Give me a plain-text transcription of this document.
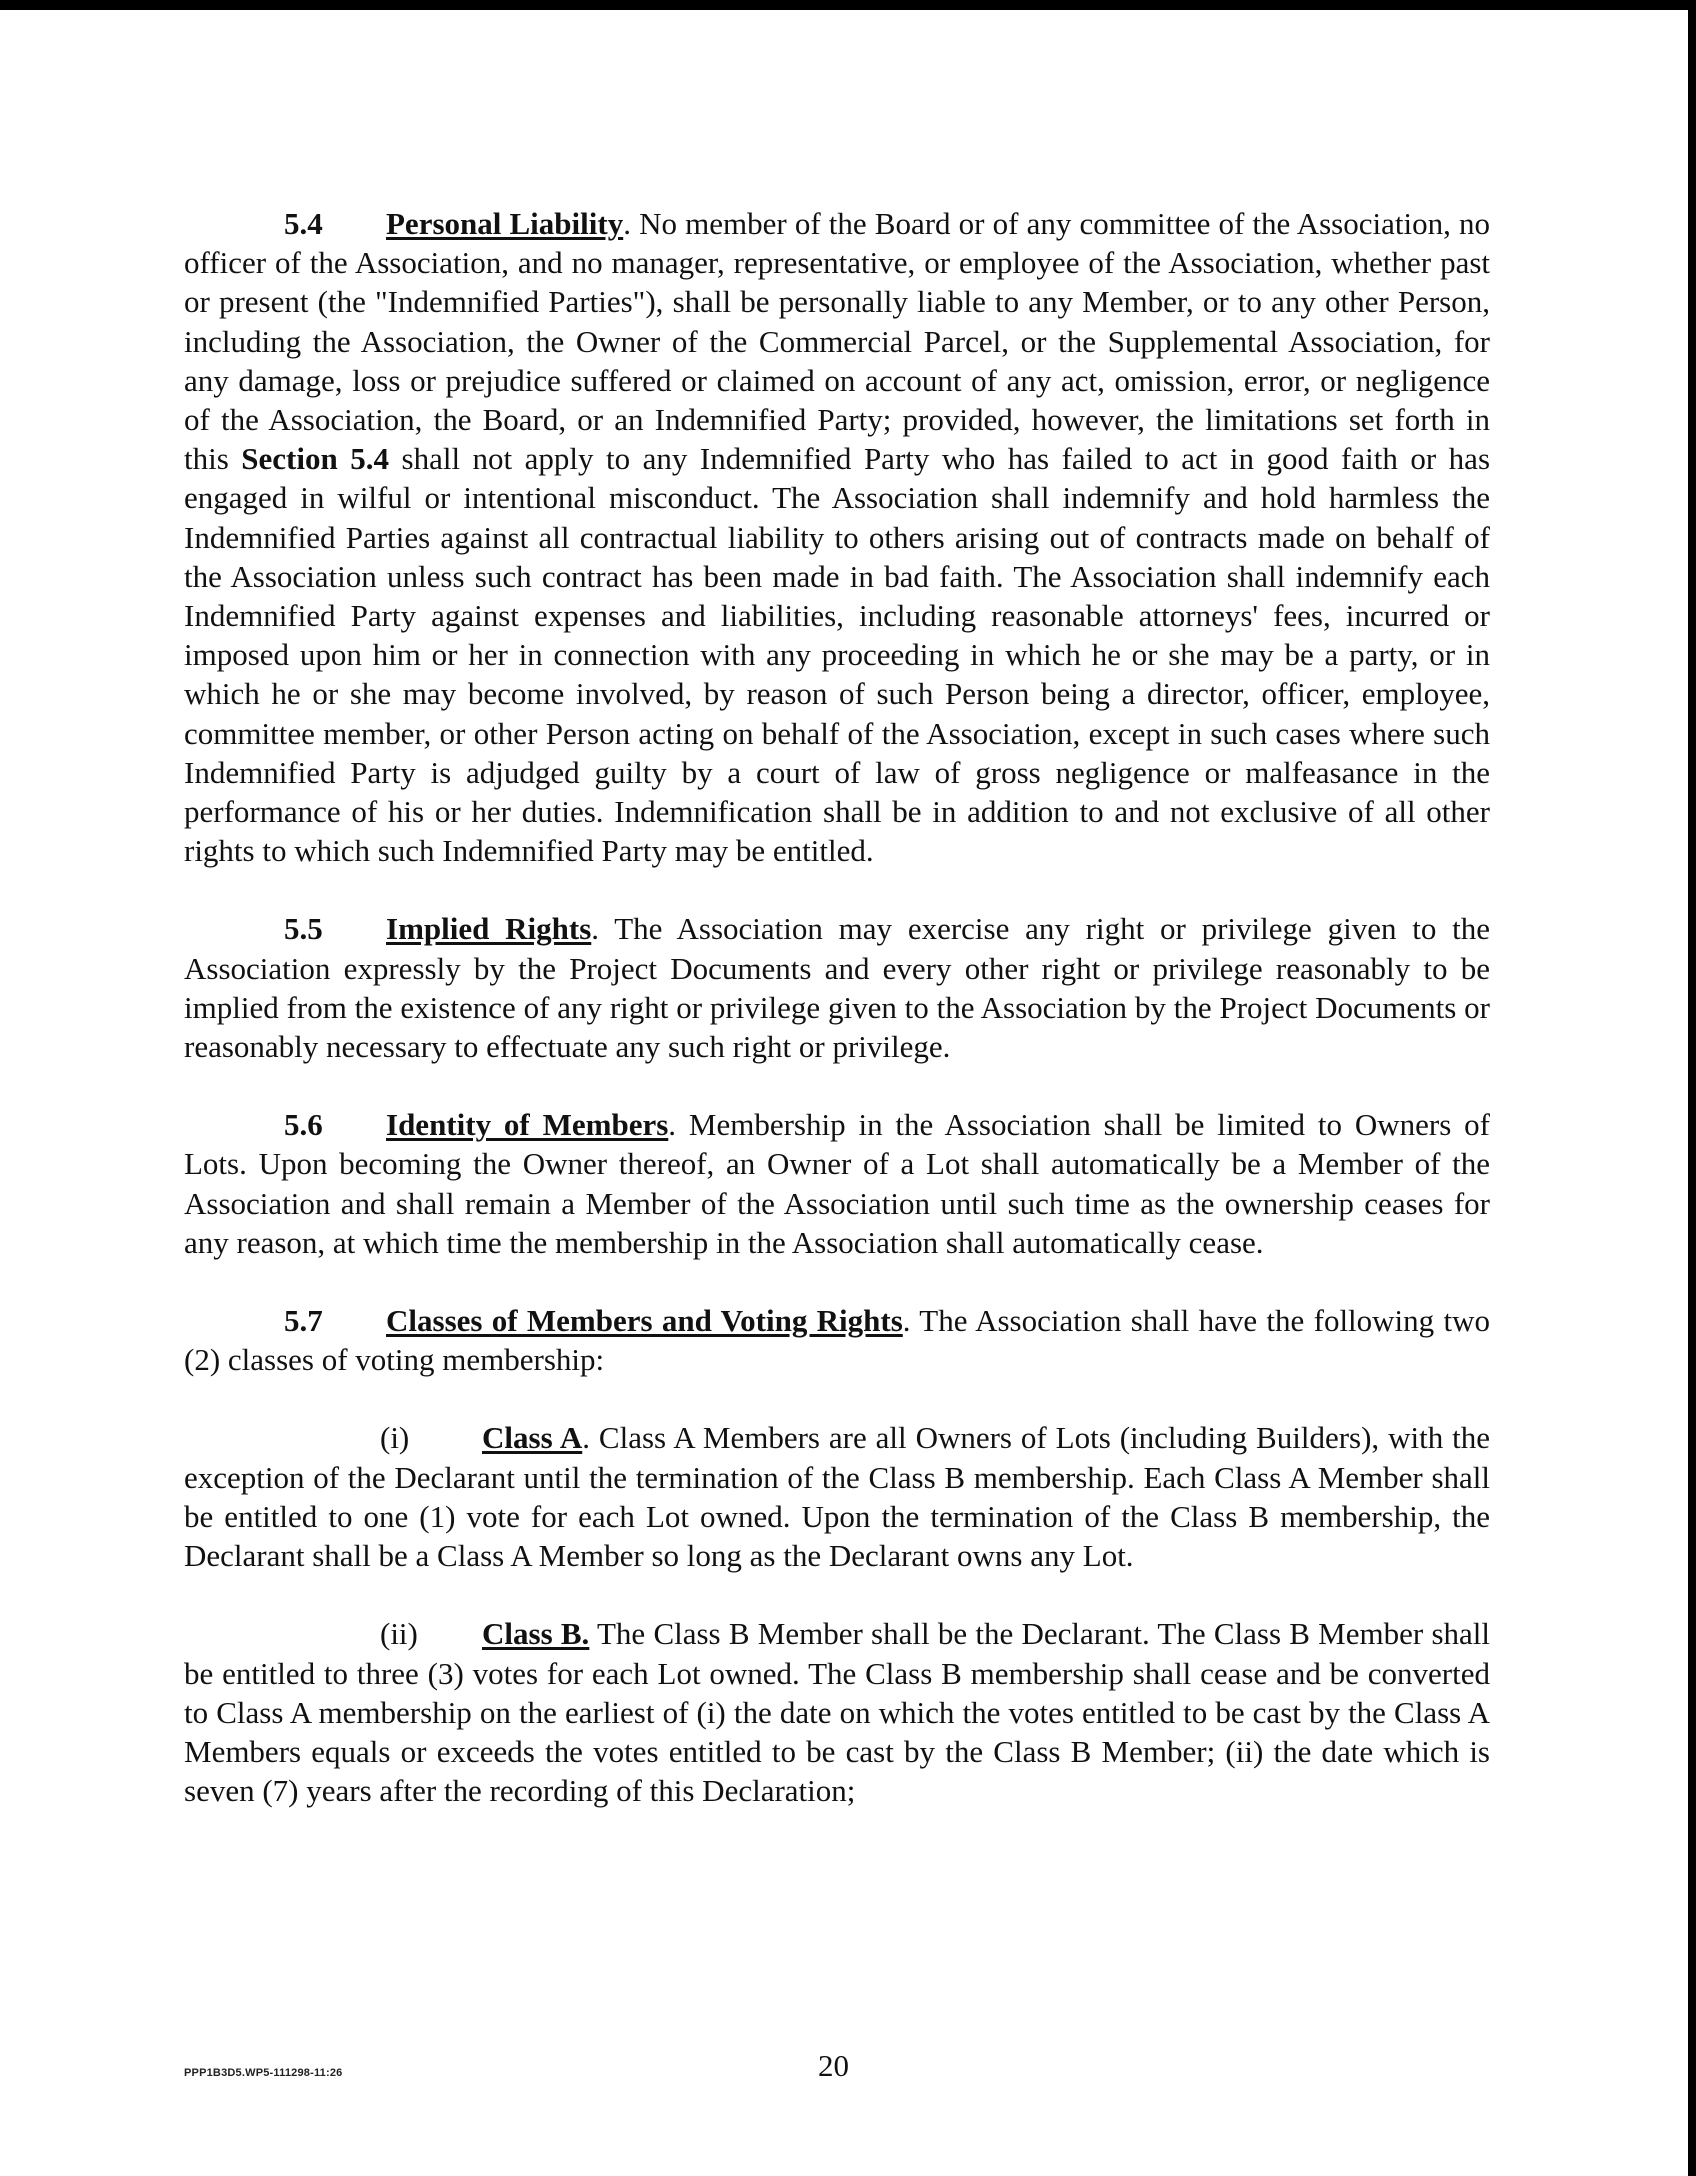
5.4 Personal Liability. No member of the Board or of any committee of the Association, no officer of the Association, and no manager, representative, or employee of the Association, whether past or present (the "Indemnified Parties"), shall be personally liable to any Member, or to any other Person, including the Association, the Owner of the Commercial Parcel, or the Supplemental Association, for any damage, loss or prejudice suffered or claimed on account of any act, omission, error, or negligence of the Association, the Board, or an Indemnified Party; provided, however, the limitations set forth in this Section 5.4 shall not apply to any Indemnified Party who has failed to act in good faith or has engaged in wilful or intentional misconduct. The Association shall indemnify and hold harmless the Indemnified Parties against all contractual liability to others arising out of contracts made on behalf of the Association unless such contract has been made in bad faith. The Association shall indemnify each Indemnified Party against expenses and liabilities, including reasonable attorneys' fees, incurred or imposed upon him or her in connection with any proceeding in which he or she may be a party, or in which he or she may become involved, by reason of such Person being a director, officer, employee, committee member, or other Person acting on behalf of the Association, except in such cases where such Indemnified Party is adjudged guilty by a court of law of gross negligence or malfeasance in the performance of his or her duties. Indemnification shall be in addition to and not exclusive of all other rights to which such Indemnified Party may be entitled.

5.5 Implied Rights. The Association may exercise any right or privilege given to the Association expressly by the Project Documents and every other right or privilege reasonably to be implied from the existence of any right or privilege given to the Association by the Project Documents or reasonably necessary to effectuate any such right or privilege.

5.6 Identity of Members. Membership in the Association shall be limited to Owners of Lots. Upon becoming the Owner thereof, an Owner of a Lot shall automatically be a Member of the Association and shall remain a Member of the Association until such time as the ownership ceases for any reason, at which time the membership in the Association shall automatically cease.

5.7 Classes of Members and Voting Rights. The Association shall have the following two (2) classes of voting membership:

(i) Class A. Class A Members are all Owners of Lots (including Builders), with the exception of the Declarant until the termination of the Class B membership. Each Class A Member shall be entitled to one (1) vote for each Lot owned. Upon the termination of the Class B membership, the Declarant shall be a Class A Member so long as the Declarant owns any Lot.

(ii) Class B. The Class B Member shall be the Declarant. The Class B Member shall be entitled to three (3) votes for each Lot owned. The Class B membership shall cease and be converted to Class A membership on the earliest of (i) the date on which the votes entitled to be cast by the Class A Members equals or exceeds the votes entitled to be cast by the Class B Member; (ii) the date which is seven (7) years after the recording of this Declaration;

PPP1B3D5.WP5-111298-11:26	20
